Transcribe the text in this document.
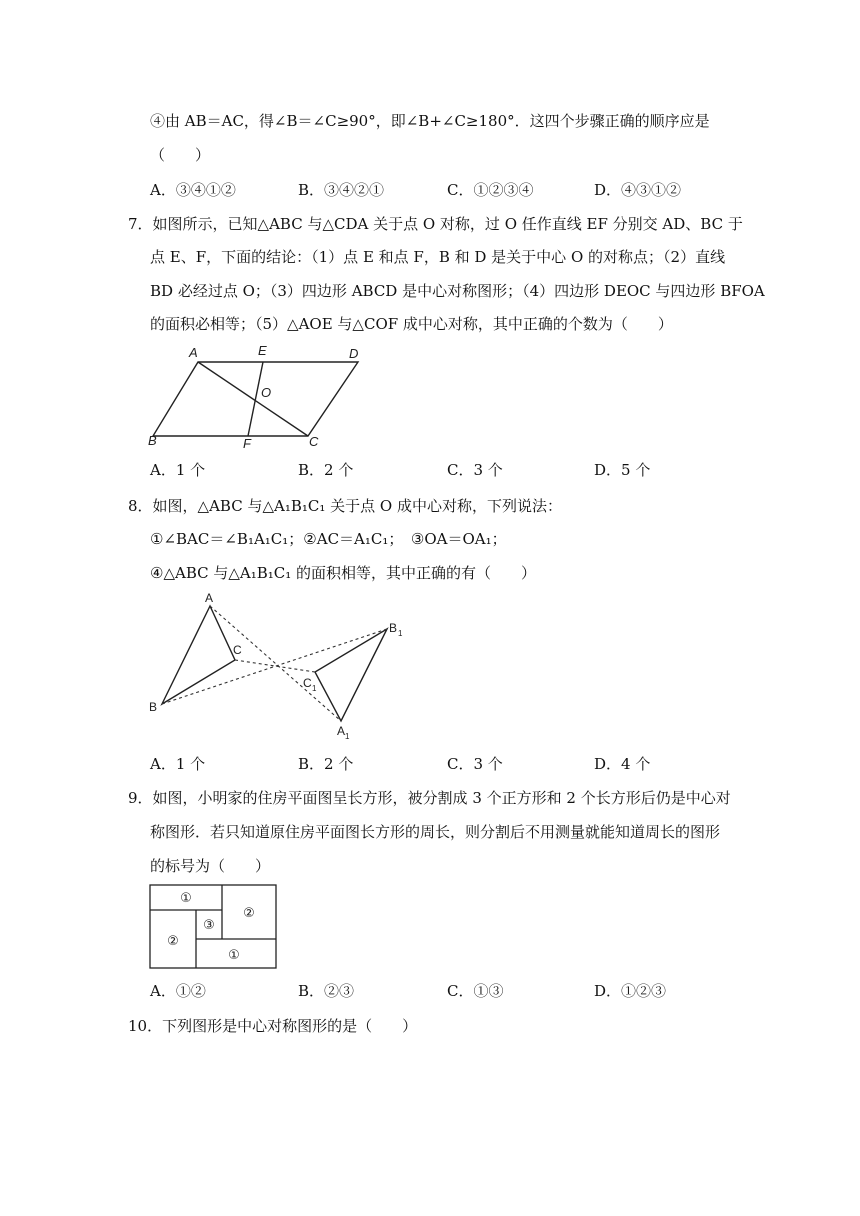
④由 AB＝AC，得∠B＝∠C≥90°，即∠B+∠C≥180°．这四个步骤正确的顺序应是
（　　）
A．③④①②	B．③④②①	C．①②③④	D．④③①②
7．如图所示，已知△ABC 与△CDA 关于点 O 对称，过 O 任作直线 EF 分别交 AD、BC 于
点 E、F，下面的结论：（1）点 E 和点 F，B 和 D 是关于中心 O 的对称点；（2）直线
BD 必经过点 O；（3）四边形 ABCD 是中心对称图形；（4）四边形 DEOC 与四边形 BFOA
的面积必相等；（5）△AOE 与△COF 成中心对称，其中正确的个数为（　　）
A	E	D
O
B	F	C
A．1 个	B．2 个	C．3 个	D．5 个
8．如图，△ABC 与△A₁B₁C₁ 关于点 O 成中心对称，下列说法：
①∠BAC＝∠B₁A₁C₁；②AC＝A₁C₁；　③OA＝OA₁；
④△ABC 与△A₁B₁C₁ 的面积相等，其中正确的有（　　）
A
B
C
B 1
C 1
A 1
A．1 个	B．2 个	C．3 个	D．4 个
9．如图，小明家的住房平面图呈长方形，被分割成 3 个正方形和 2 个长方形后仍是中心对
称图形．若只知道原住房平面图长方形的周长，则分割后不用测量就能知道周长的图形
的标号为（　　）
①
②
③
②
①
A．①②	B．②③	C．①③	D．①②③
10．下列图形是中心对称图形的是（　　）
